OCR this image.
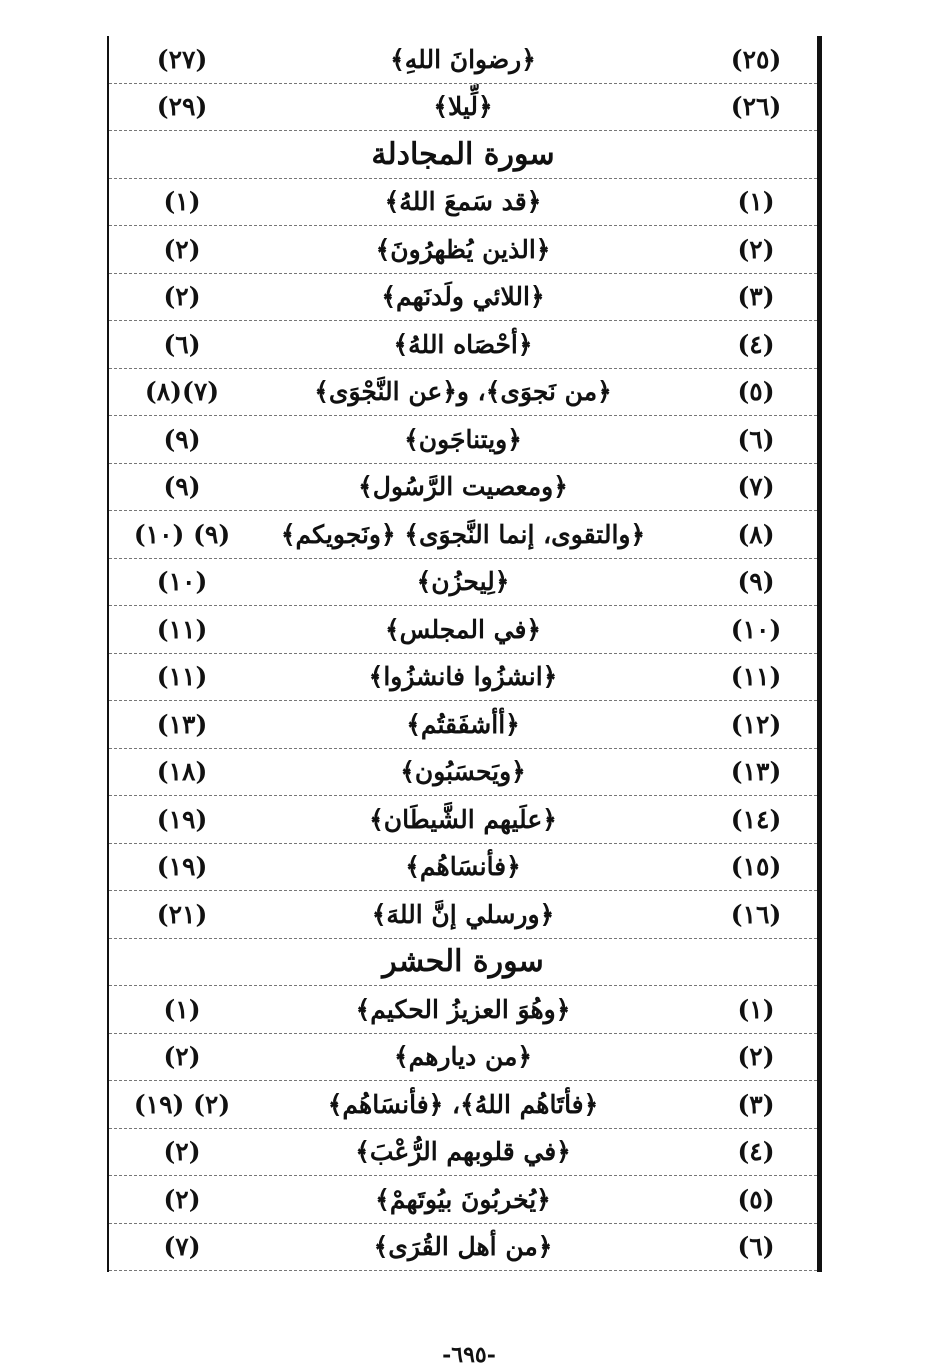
(٢٥)
﴿رضوانَ اللهِ﴾
(٢٧)
(٢٦)
﴿لِّيلا﴾
(٢٩)
سورة المجادلة
(١)
﴿قد سَمعَ اللهُ﴾
(١)
(٢)
﴿الذين يُظهرُونَ﴾
(٢)
(٣)
﴿اللائي ولَدنَهم﴾
(٢)
(٤)
﴿أحْصَاه اللهُ﴾
(٦)
(٥)
﴿من نَجوَى﴾، و﴿عن النَّجْوَى﴾
(٧)(٨)
(٦)
﴿ويتناجَون﴾
(٩)
(٧)
﴿ومعصيت الرَّسُول﴾
(٩)
(٨)
﴿والتقوى، إنما النَّجوَى﴾ ﴿ونَجويكم﴾
(٩) (١٠)
(٩)
﴿لِيحزُن﴾
(١٠)
(١٠)
﴿في المجلس﴾
(١١)
(١١)
﴿انشزُوا فانشزُوا﴾
(١١)
(١٢)
﴿أأشفَقتُم﴾
(١٣)
(١٣)
﴿ويَحسَبُون﴾
(١٨)
(١٤)
﴿علَيهم الشَّيطَان﴾
(١٩)
(١٥)
﴿فأنسَاهُم﴾
(١٩)
(١٦)
﴿ورسلي إنَّ اللهَ﴾
(٢١)
سورة الحشر
(١)
﴿وهُوَ العزيزُ الحكيم﴾
(١)
(٢)
﴿من ديارهم﴾
(٢)
(٣)
﴿فأتَاهُم اللهُ﴾، ﴿فأنسَاهُم﴾
(٢) (١٩)
(٤)
﴿في قلوبهم الرُّعْبَ﴾
(٢)
(٥)
﴿يُخربُونَ بيُوتَهمْ﴾
(٢)
(٦)
﴿من أهل القُرَى﴾
(٧)
-٦٩٥-
